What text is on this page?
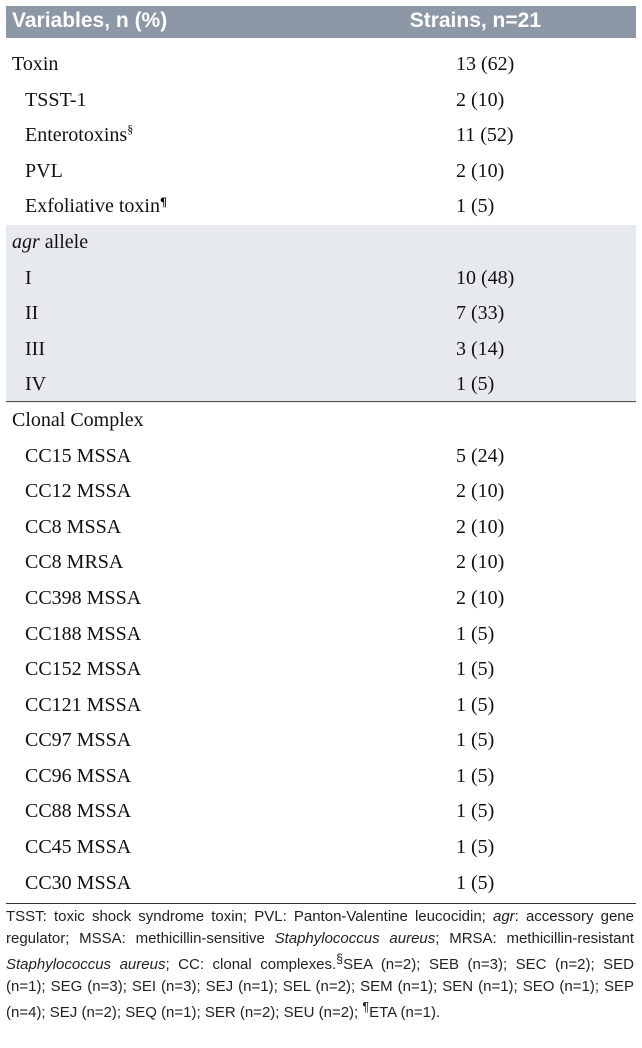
Variables, n (%)	Strains, n=21
Toxin	13 (62)
TSST-1	2 (10)
Enterotoxins§	11 (52)
PVL	2 (10)
Exfoliative toxin¶	1 (5)
agr allele
I	10 (48)
II	7 (33)
III	3 (14)
IV	1 (5)
Clonal Complex
CC15 MSSA	5 (24)
CC12 MSSA	2 (10)
CC8 MSSA	2 (10)
CC8 MRSA	2 (10)
CC398 MSSA	2 (10)
CC188 MSSA	1 (5)
CC152 MSSA	1 (5)
CC121 MSSA	1 (5)
CC97 MSSA	1 (5)
CC96 MSSA	1 (5)
CC88 MSSA	1 (5)
CC45 MSSA	1 (5)
CC30 MSSA	1 (5)
TSST: toxic shock syndrome toxin; PVL: Panton-Valentine leucocidin; agr: accessory gene regulator; MSSA: methicillin-sensitive Staphylococcus aureus; MRSA: methicillin-resistant Staphylococcus aureus; CC: clonal complexes.§SEA (n=2); SEB (n=3); SEC (n=2); SED (n=1); SEG (n=3); SEI (n=3); SEJ (n=1); SEL (n=2); SEM (n=1); SEN (n=1); SEO (n=1); SEP (n=4); SEJ (n=2); SEQ (n=1); SER (n=2); SEU (n=2); ¶ETA (n=1).
